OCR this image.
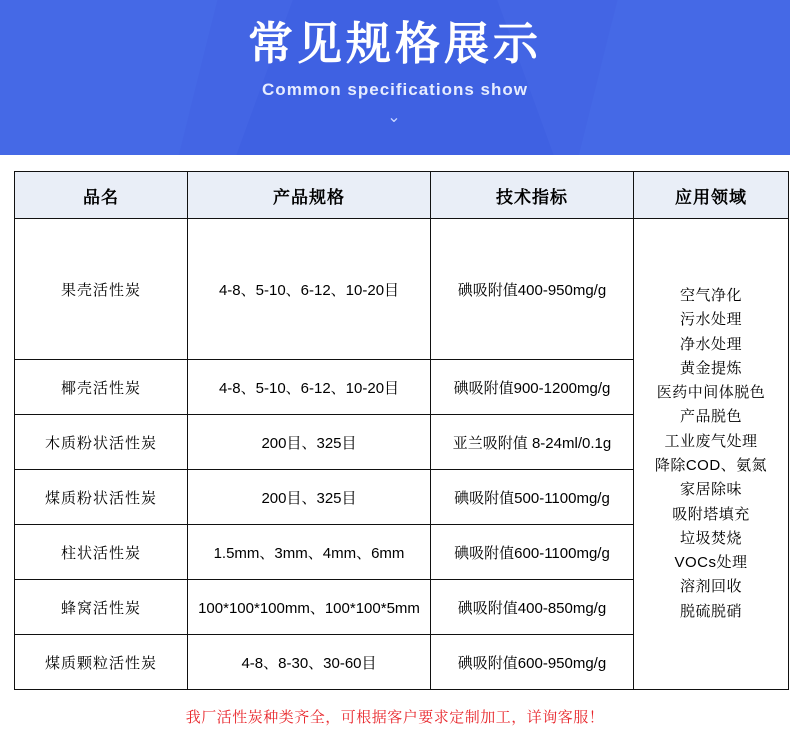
常见规格展示
Common specifications show
⌄
品名	产品规格	技术指标	应用领域
果壳活性炭	4-8、5-10、6-12、10-20目	碘吸附值400-950mg/g	空气净化
污水处理
净水处理
黄金提炼
医药中间体脱色
产品脱色
工业废气处理
降除COD、氨氮
家居除味
吸附塔填充
垃圾焚烧
VOCs处理
溶剂回收
脱硫脱硝

椰壳活性炭	4-8、5-10、6-12、10-20目	碘吸附值900-1200mg/g	
木质粉状活性炭	200目、325目	亚兰吸附值 8-24ml/0.1g	
煤质粉状活性炭	200目、325目	碘吸附值500-1100mg/g	
柱状活性炭	1.5mm、3mm、4mm、6mm	碘吸附值600-1100mg/g	
蜂窝活性炭	100*100*100mm、100*100*5mm	碘吸附值400-850mg/g	
煤质颗粒活性炭	4-8、8-30、30-60目	碘吸附值600-950mg/g	
我厂活性炭种类齐全，可根据客户要求定制加工，详询客服！
